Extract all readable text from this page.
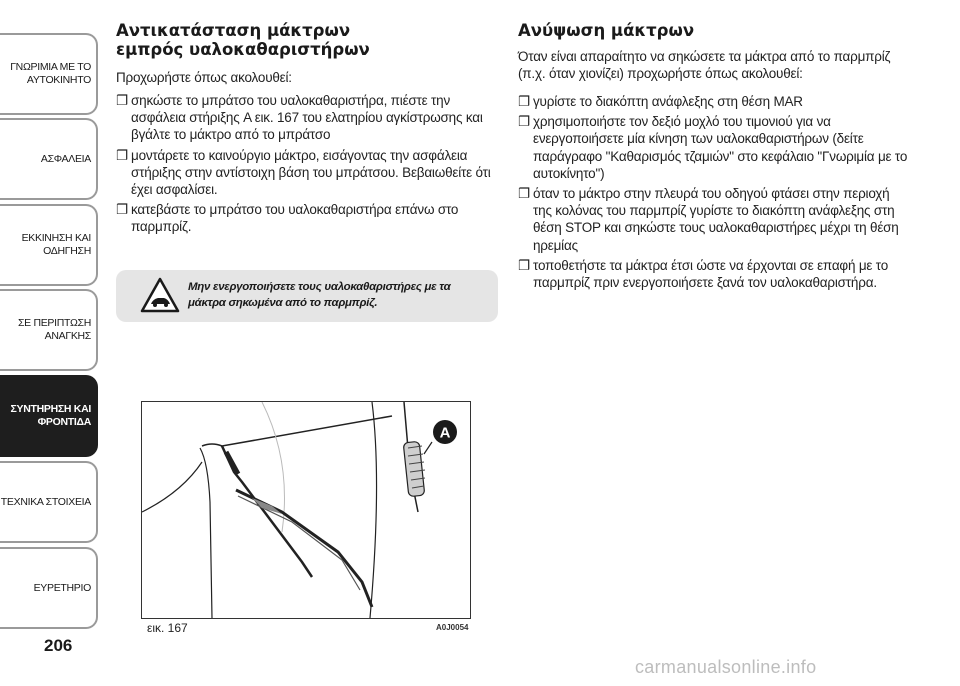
ΓΝΩΡΙΜΙΑ ΜΕ ΤΟ
ΑΥΤΟΚΙΝΗΤΟ
ΑΣΦΑΛΕΙΑ
ΕΚΚΙΝΗΣΗ ΚΑΙ
ΟΔΗΓΗΣΗ
ΣΕ ΠΕΡΙΠΤΩΣΗ
ΑΝΑΓΚΗΣ
ΣΥΝΤΗΡΗΣΗ ΚΑΙ
ΦΡΟΝΤΙΔΑ
ΤΕΧΝΙΚΑ ΣΤΟΙΧΕΙΑ
ΕΥΡΕΤΗΡΙΟ
206
Αντικατάσταση μάκτρων εμπρός υαλοκαθαριστήρων

Προχωρήστε όπως ακολουθεί:

❐ σηκώστε το μπράτσο του υαλοκαθαριστήρα, πιέστε την ασφάλεια στήριξης A εικ. 167 του ελατηρίου αγκίστρωσης και βγάλτε το μάκτρο από το μπράτσο
❐ μοντάρετε το καινούργιο μάκτρο, εισάγοντας την ασφάλεια στήριξης στην αντίστοιχη βάση του μπράτσου. Βεβαιωθείτε ότι έχει ασφαλίσει.
❐ κατεβάστε το μπράτσο του υαλοκαθαριστήρα επάνω στο παρμπρίζ.

Μην ενεργοποιήσετε τους υαλοκαθαριστήρες με τα μάκτρα σηκωμένα από το παρμπρίζ.

A
εικ. 167	A0J0054
Ανύψωση μάκτρων

Όταν είναι απαραίτητο να σηκώσετε τα μάκτρα από το παρμπρίζ (π.χ. όταν χιονίζει) προχωρήστε όπως ακολουθεί:

❐ γυρίστε το διακόπτη ανάφλεξης στη θέση MAR
❐ χρησιμοποιήστε τον δεξιό μοχλό του τιμονιού για να ενεργοποιήσετε μία κίνηση των υαλοκαθαριστήρων (δείτε παράγραφο "Καθαρισμός τζαμιών" στο κεφάλαιο "Γνωριμία με το αυτοκίνητο")
❐ όταν το μάκτρο στην πλευρά του οδηγού φτάσει στην περιοχή της κολόνας του παρμπρίζ γυρίστε το διακόπτη ανάφλεξης στη θέση STOP και σηκώστε τους υαλοκαθαριστήρες μέχρι τη θέση ηρεμίας
❐ τοποθετήστε τα μάκτρα έτσι ώστε να έρχονται σε επαφή με το παρμπρίζ πριν ενεργοποιήσετε ξανά τον υαλοκαθαριστήρα.
carmanualsonline.info
